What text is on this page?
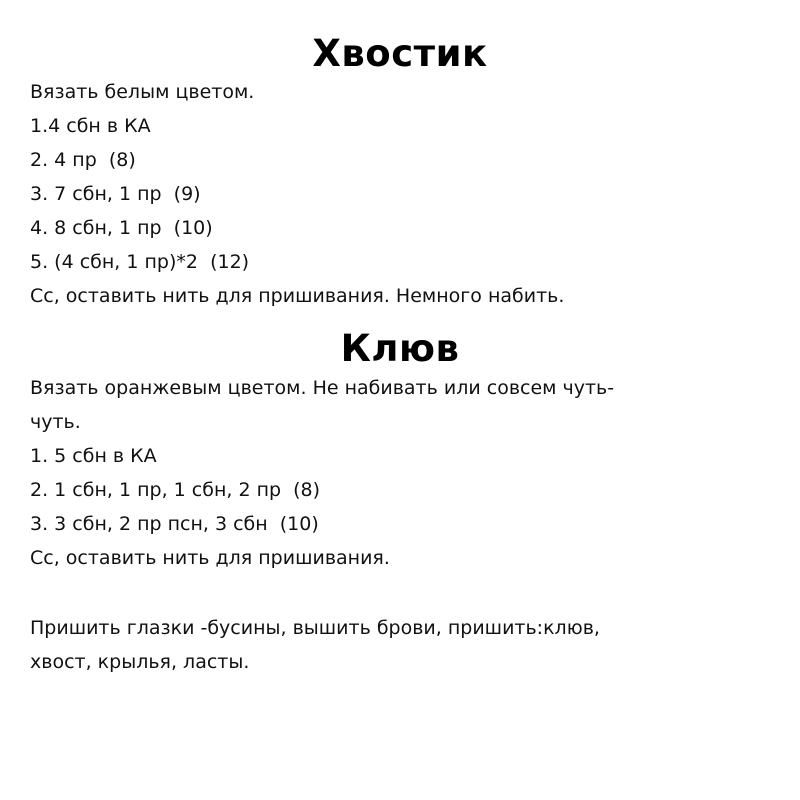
Хвостик
Вязать белым цветом.
1.4 сбн в КА
2. 4 пр  (8)
3. 7 сбн, 1 пр  (9)
4. 8 сбн, 1 пр  (10)
5. (4 сбн, 1 пр)*2  (12)
Сс, оставить нить для пришивания. Немного набить.
Клюв
Вязать оранжевым цветом. Не набивать или совсем чуть-
чуть.
1. 5 сбн в КА
2. 1 сбн, 1 пр, 1 сбн, 2 пр  (8)
3. 3 сбн, 2 пр псн, 3 сбн  (10)
Сс, оставить нить для пришивания.
Пришить глазки -бусины, вышить брови, пришить:клюв,
хвост, крылья, ласты.
